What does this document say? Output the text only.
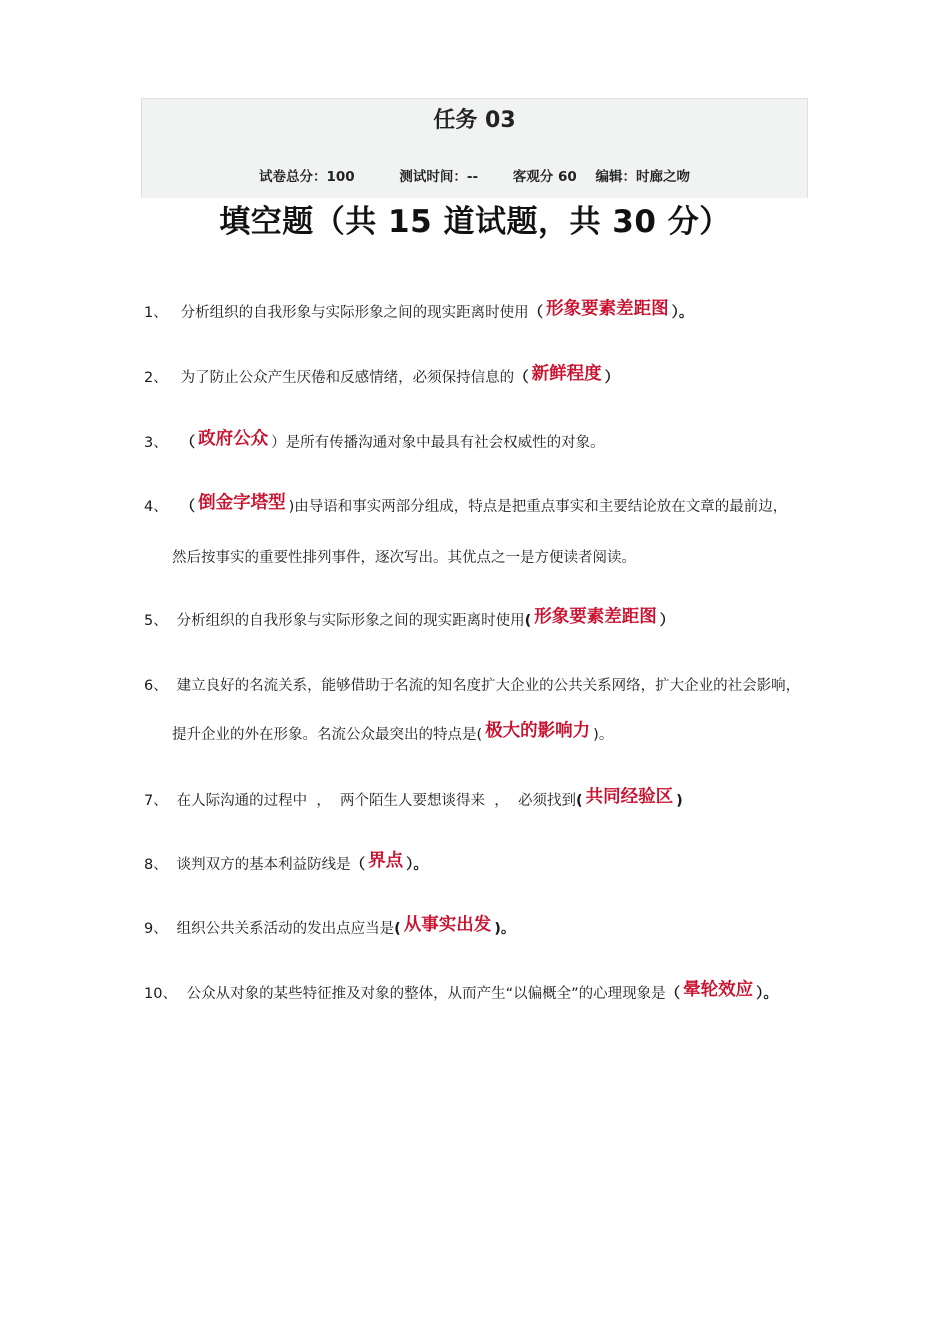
任务 03
试卷总分：100	测试时间：--	客观分 60 编辑：时廊之吻
填空题（共 15 道试题，共 30 分）
1、 分析组织的自我形象与实际形象之间的现实距离时使用（ 形象要素差距图 ）。
2、 为了防止公众产生厌倦和反感情绪，必须保持信息的（ 新鲜程度 ）
3、 （ 政府公众 ）是所有传播沟通对象中最具有社会权威性的对象。
4、 （ 倒金字塔型 )由导语和事实两部分组成，特点是把重点事实和主要结论放在文章的最前边，
然后按事实的重要性排列事件，逐次写出。其优点之一是方便读者阅读。
5、 分析组织的自我形象与实际形象之间的现实距离时使用( 形象要素差距图 ）
6、 建立良好的名流关系，能够借助于名流的知名度扩大企业的公共关系网络，扩大企业的社会影响，
提升企业的外在形象。名流公众最突出的特点是( 极大的影响力 )。
7、 在人际沟通的过程中  ，  两个陌生人要想谈得来  ，  必须找到( 共同经验区 )
8、 谈判双方的基本利益防线是（ 界点 ）。
9、 组织公共关系活动的发出点应当是( 从事实出发 )。
10、 公众从对象的某些特征推及对象的整体，从而产生“以偏概全”的心理现象是（ 晕轮效应 ）。
